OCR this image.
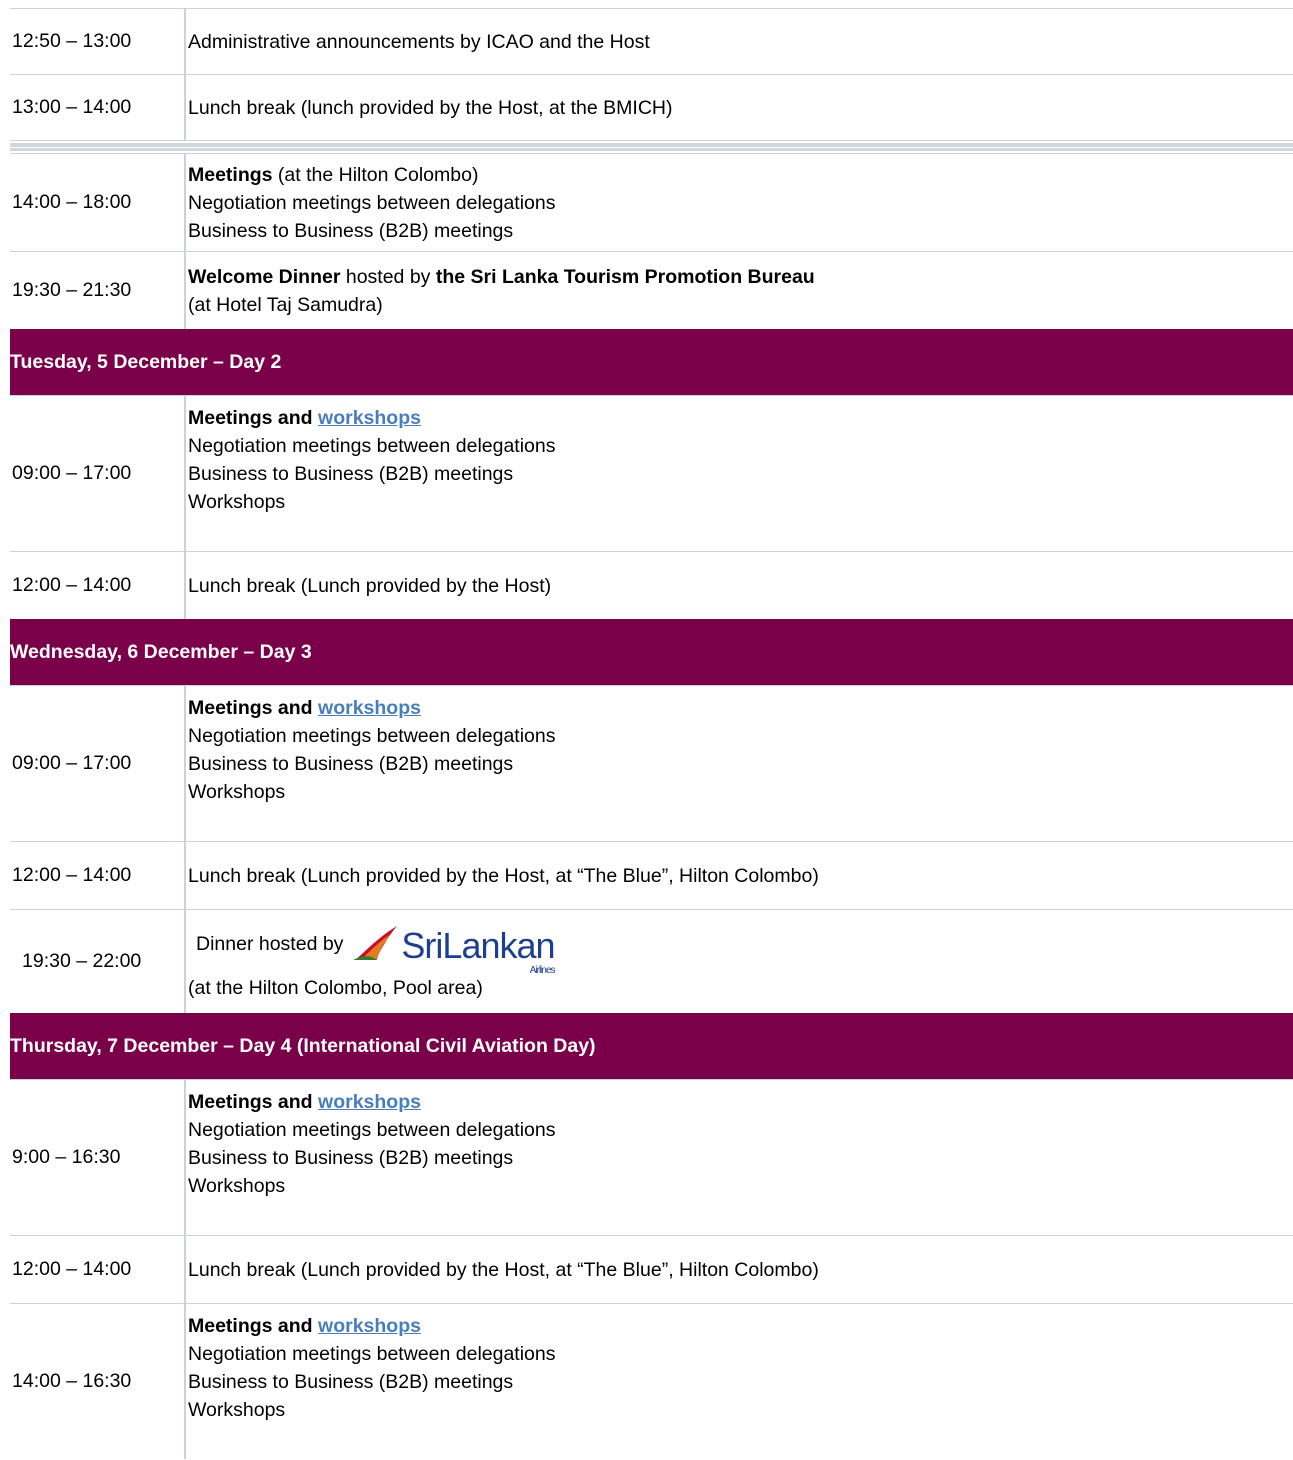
12:50 – 13:00	Administrative announcements by ICAO and the Host
13:00 – 14:00	Lunch break (lunch provided by the Host, at the BMICH)
14:00 – 18:00
Meetings (at the Hilton Colombo)
Negotiation meetings between delegations
Business to Business (B2B) meetings
19:30 – 21:30
Welcome Dinner hosted by the Sri Lanka Tourism Promotion Bureau
(at Hotel Taj Samudra)
Tuesday, 5 December – Day 2
09:00 – 17:00
Meetings and workshops
Negotiation meetings between delegations
Business to Business (B2B) meetings
Workshops
12:00 – 14:00	Lunch break (Lunch provided by the Host)
Wednesday, 6 December – Day 3
09:00 – 17:00
Meetings and workshops
Negotiation meetings between delegations
Business to Business (B2B) meetings
Workshops
12:00 – 14:00	Lunch break (Lunch provided by the Host, at “The Blue”, Hilton Colombo)
19:30 – 22:00
Dinner hosted by SriLankan
Airlines
(at the Hilton Colombo, Pool area)
Thursday, 7 December – Day 4 (International Civil Aviation Day)
9:00 – 16:30
Meetings and workshops
Negotiation meetings between delegations
Business to Business (B2B) meetings
Workshops
12:00 – 14:00	Lunch break (Lunch provided by the Host, at “The Blue”, Hilton Colombo)
14:00 – 16:30
Meetings and workshops
Negotiation meetings between delegations
Business to Business (B2B) meetings
Workshops
